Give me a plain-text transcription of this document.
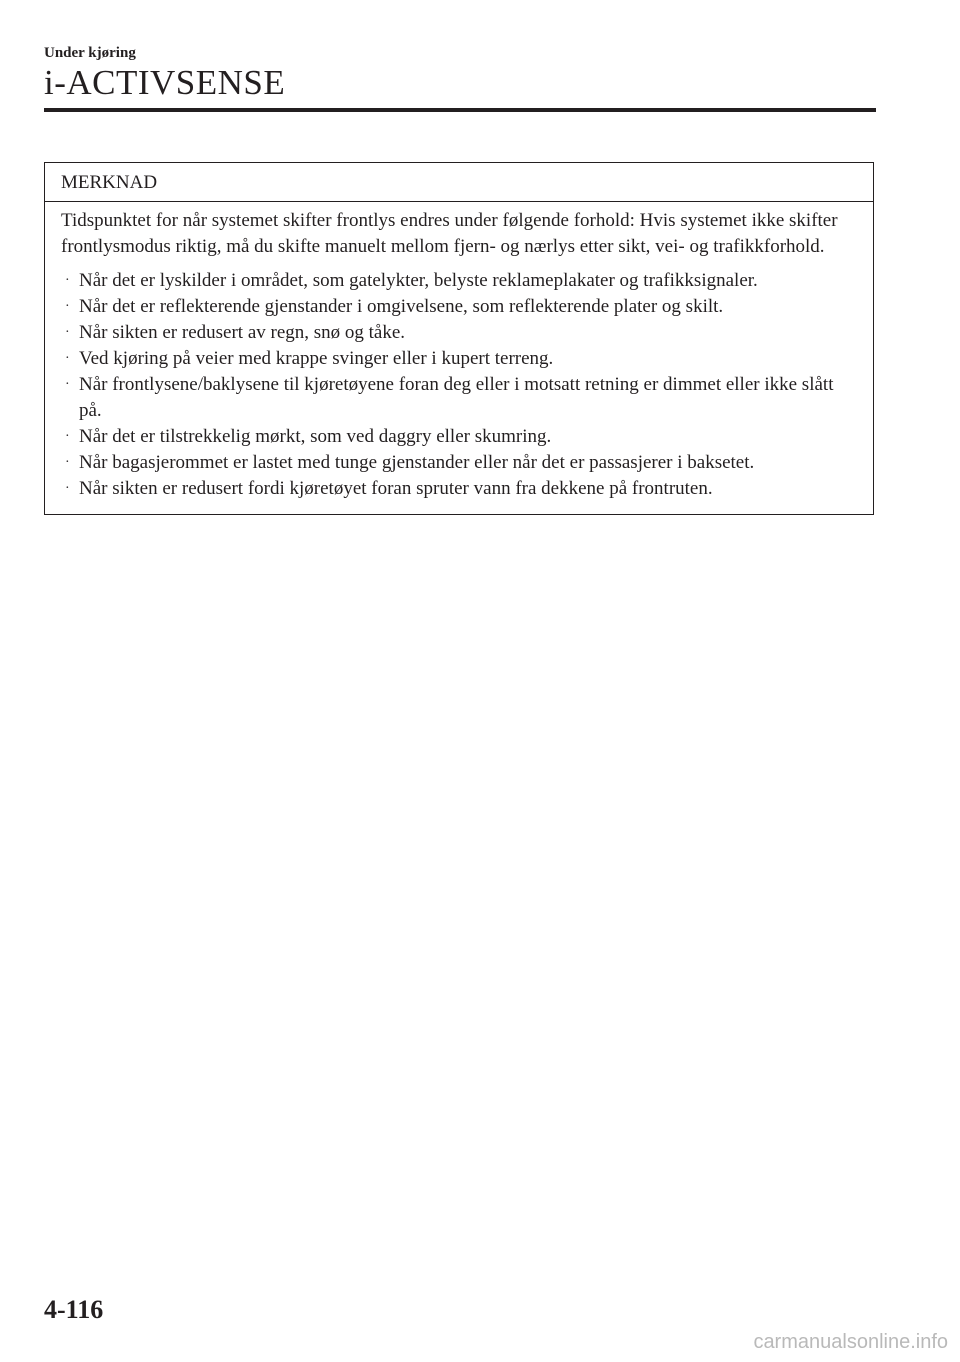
Under kjøring
i-ACTIVSENSE
MERKNAD

Tidspunktet for når systemet skifter frontlys endres under følgende forhold: Hvis systemet ikke skifter frontlysmodus riktig, må du skifte manuelt mellom fjern- og nærlys etter sikt, vei- og trafikkforhold.

· Når det er lyskilder i området, som gatelykter, belyste reklameplakater og trafikksignaler.
· Når det er reflekterende gjenstander i omgivelsene, som reflekterende plater og skilt.
· Når sikten er redusert av regn, snø og tåke.
· Ved kjøring på veier med krappe svinger eller i kupert terreng.
· Når frontlysene/baklysene til kjøretøyene foran deg eller i motsatt retning er dimmet eller ikke slått på.
· Når det er tilstrekkelig mørkt, som ved daggry eller skumring.
· Når bagasjerommet er lastet med tunge gjenstander eller når det er passasjerer i baksetet.
· Når sikten er redusert fordi kjøretøyet foran spruter vann fra dekkene på frontruten.
4-116
carmanualsonline.info
